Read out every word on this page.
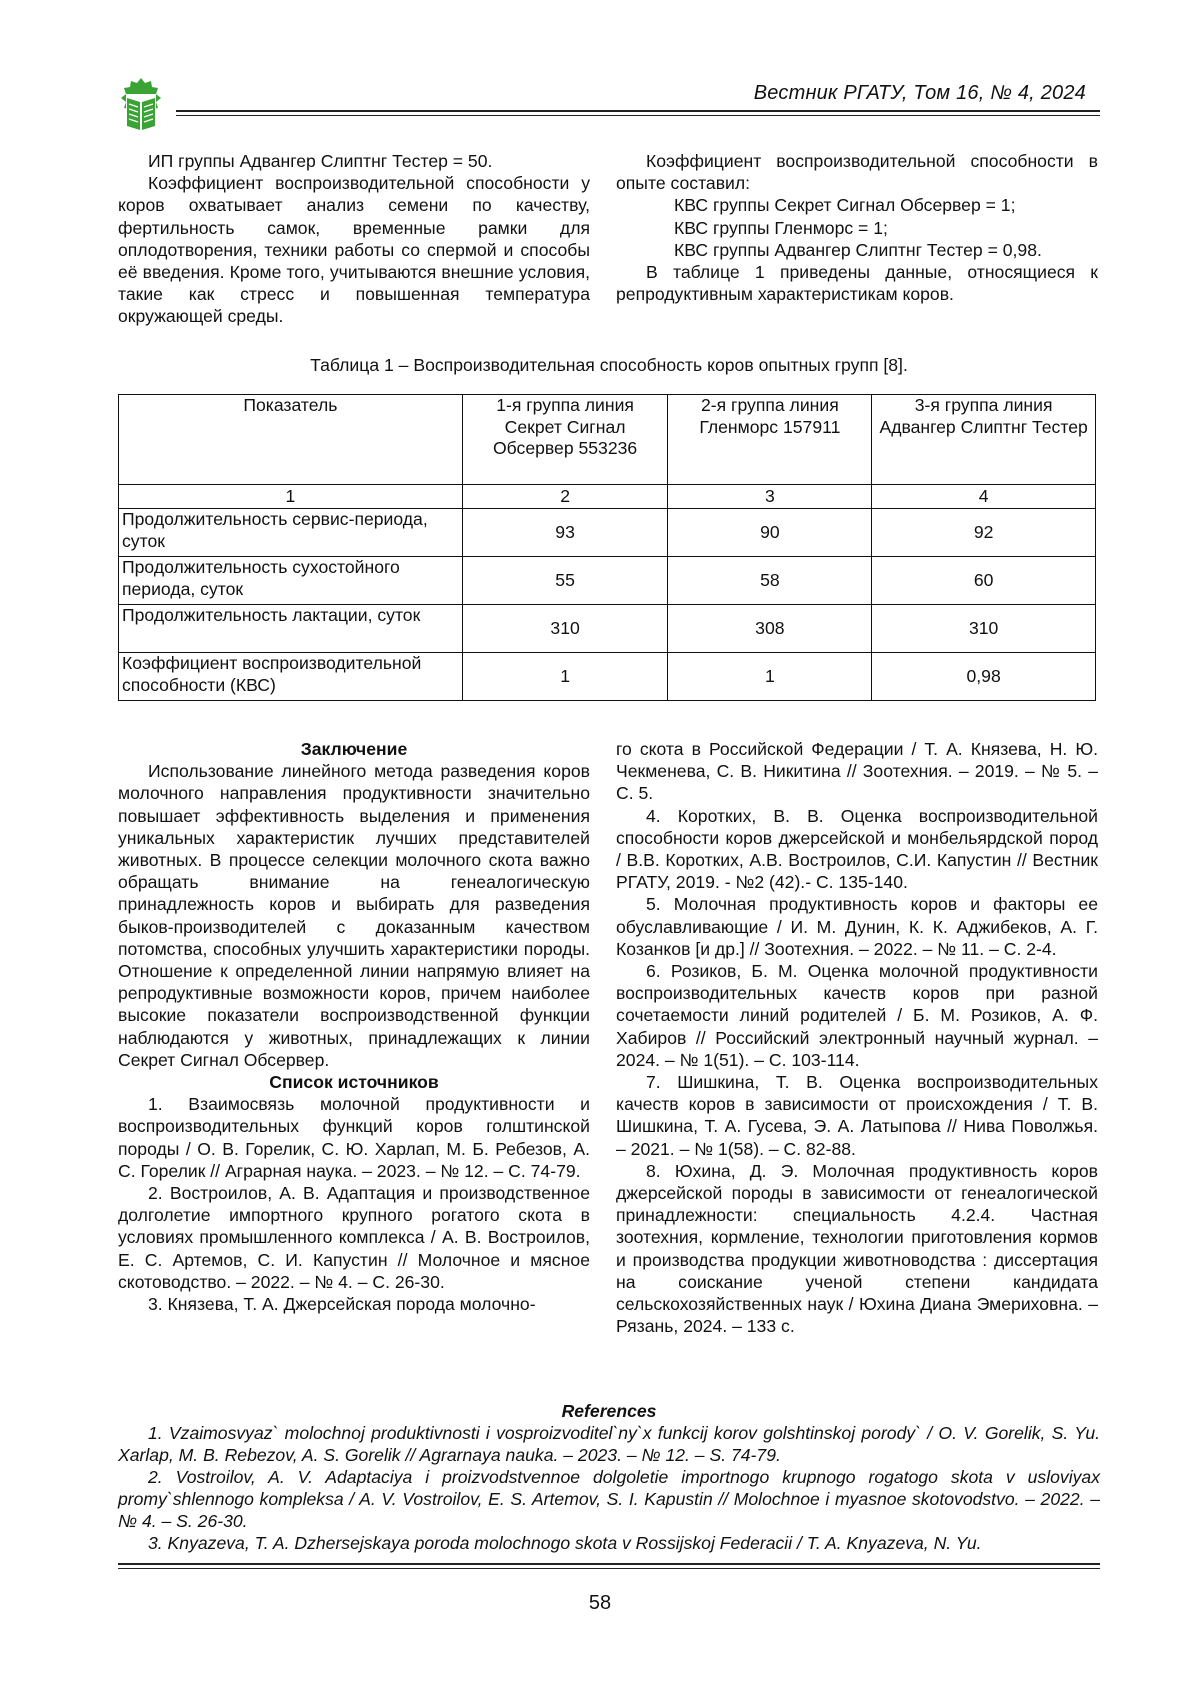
Вестник РГАТУ, Том 16, № 4, 2024

ИП группы Адвангер Слиптнг Тестер = 50.

Коэффициент воспроизводительной способности у коров охватывает анализ семени по качеству, фертильность самок, временные рамки для оплодотворения, техники работы со спермой и способы её введения. Кроме того, учитываются внешние условия, такие как стресс и повышенная температура окружающей среды.

Коэффициент воспроизводительной способности в опыте составил:

КВС группы Секрет Сигнал Обсервер = 1;

КВС группы Гленморс = 1;

КВС группы Адвангер Слиптнг Тестер = 0,98.

В таблице 1 приведены данные, относящиеся к репродуктивным характеристикам коров.

Таблица 1 – Воспроизводительная способность коров опытных групп [8].
Показатель	1-я группа линия Секрет Сигнал Обсервер 553236	2-я группа линия Гленморс 157911	3-я группа линия Адвангер Слиптнг Тестер
1	2	3	4
Продолжительность сервис-периода, суток	93	90	92
Продолжительность сухостойного периода, суток	55	58	60
Продолжительность лактации, суток	310	308	310
Коэффициент воспроизводительной способности (КВС)	1	1	0,98

Заключение

Использование линейного метода разведения коров молочного направления продуктивности значительно повышает эффективность выделения и применения уникальных характеристик лучших представителей животных. В процессе селекции молочного скота важно обращать внимание на генеалогическую принадлежность коров и выбирать для разведения быков-производителей с доказанным качеством потомства, способных улучшить характеристики породы. Отношение к определенной линии напрямую влияет на репродуктивные возможности коров, причем наиболее высокие показатели воспроизводственной функции наблюдаются у животных, принадлежащих к линии Секрет Сигнал Обсервер.

Список источников

1. Взаимосвязь молочной продуктивности и воспроизводительных функций коров голштинской породы / О. В. Горелик, С. Ю. Харлап, М. Б. Ребезов, А. С. Горелик // Аграрная наука. – 2023. – № 12. – С. 74-79.

2. Востроилов, А. В. Адаптация и производственное долголетие импортного крупного рогатого скота в условиях промышленного комплекса / А. В. Востроилов, Е. С. Артемов, С. И. Капустин // Молочное и мясное скотоводство. – 2022. – № 4. – С. 26-30.

3. Князева, Т. А. Джерсейская порода молочно-

го скота в Российской Федерации / Т. А. Князева, Н. Ю. Чекменева, С. В. Никитина // Зоотехния. – 2019. – № 5. – С. 5.

4. Коротких, В. В. Оценка воспроизводительной способности коров джерсейской и монбельярдской пород / В.В. Коротких, А.В. Востроилов, С.И. Капустин // Вестник РГАТУ, 2019. - №2 (42).- С. 135-140.

5. Молочная продуктивность коров и факторы ее обуславливающие / И. М. Дунин, К. К. Аджибеков, А. Г. Козанков [и др.] // Зоотехния. – 2022. – № 11. – С. 2-4.

6. Розиков, Б. М. Оценка молочной продуктивности воспроизводительных качеств коров при разной сочетаемости линий родителей / Б. М. Розиков, А. Ф. Хабиров // Российский электронный научный журнал. – 2024. – № 1(51). – С. 103-114.

7. Шишкина, Т. В. Оценка воспроизводительных качеств коров в зависимости от происхождения / Т. В. Шишкина, Т. А. Гусева, Э. А. Латыпова // Нива Поволжья. – 2021. – № 1(58). – С. 82-88.

8. Юхина, Д. Э. Молочная продуктивность коров джерсейской породы в зависимости от генеалогической принадлежности: специальность 4.2.4. Частная зоотехния, кормление, технологии приготовления кормов и производства продукции животноводства : диссертация на соискание ученой степени кандидата сельскохозяйственных наук / Юхина Диана Эмериховна. – Рязань, 2024. – 133 с.

References

1. Vzaimosvyaz` molochnoj produktivnosti i vosproizvoditel`ny`x funkcij korov golshtinskoj porody` / O. V. Gorelik, S. Yu. Xarlap, M. B. Rebezov, A. S. Gorelik // Agrarnaya nauka. – 2023. – № 12. – S. 74-79.

2. Vostroilov, A. V. Adaptaciya i proizvodstvennoe dolgoletie importnogo krupnogo rogatogo skota v usloviyax promy`shlennogo kompleksa / A. V. Vostroilov, E. S. Artemov, S. I. Kapustin // Molochnoe i myasnoe skotovodstvo. – 2022. – № 4. – S. 26-30.

3. Knyazeva, T. A. Dzhersejskaya poroda molochnogo skota v Rossijskoj Federacii / T. A. Knyazeva, N. Yu.

58
